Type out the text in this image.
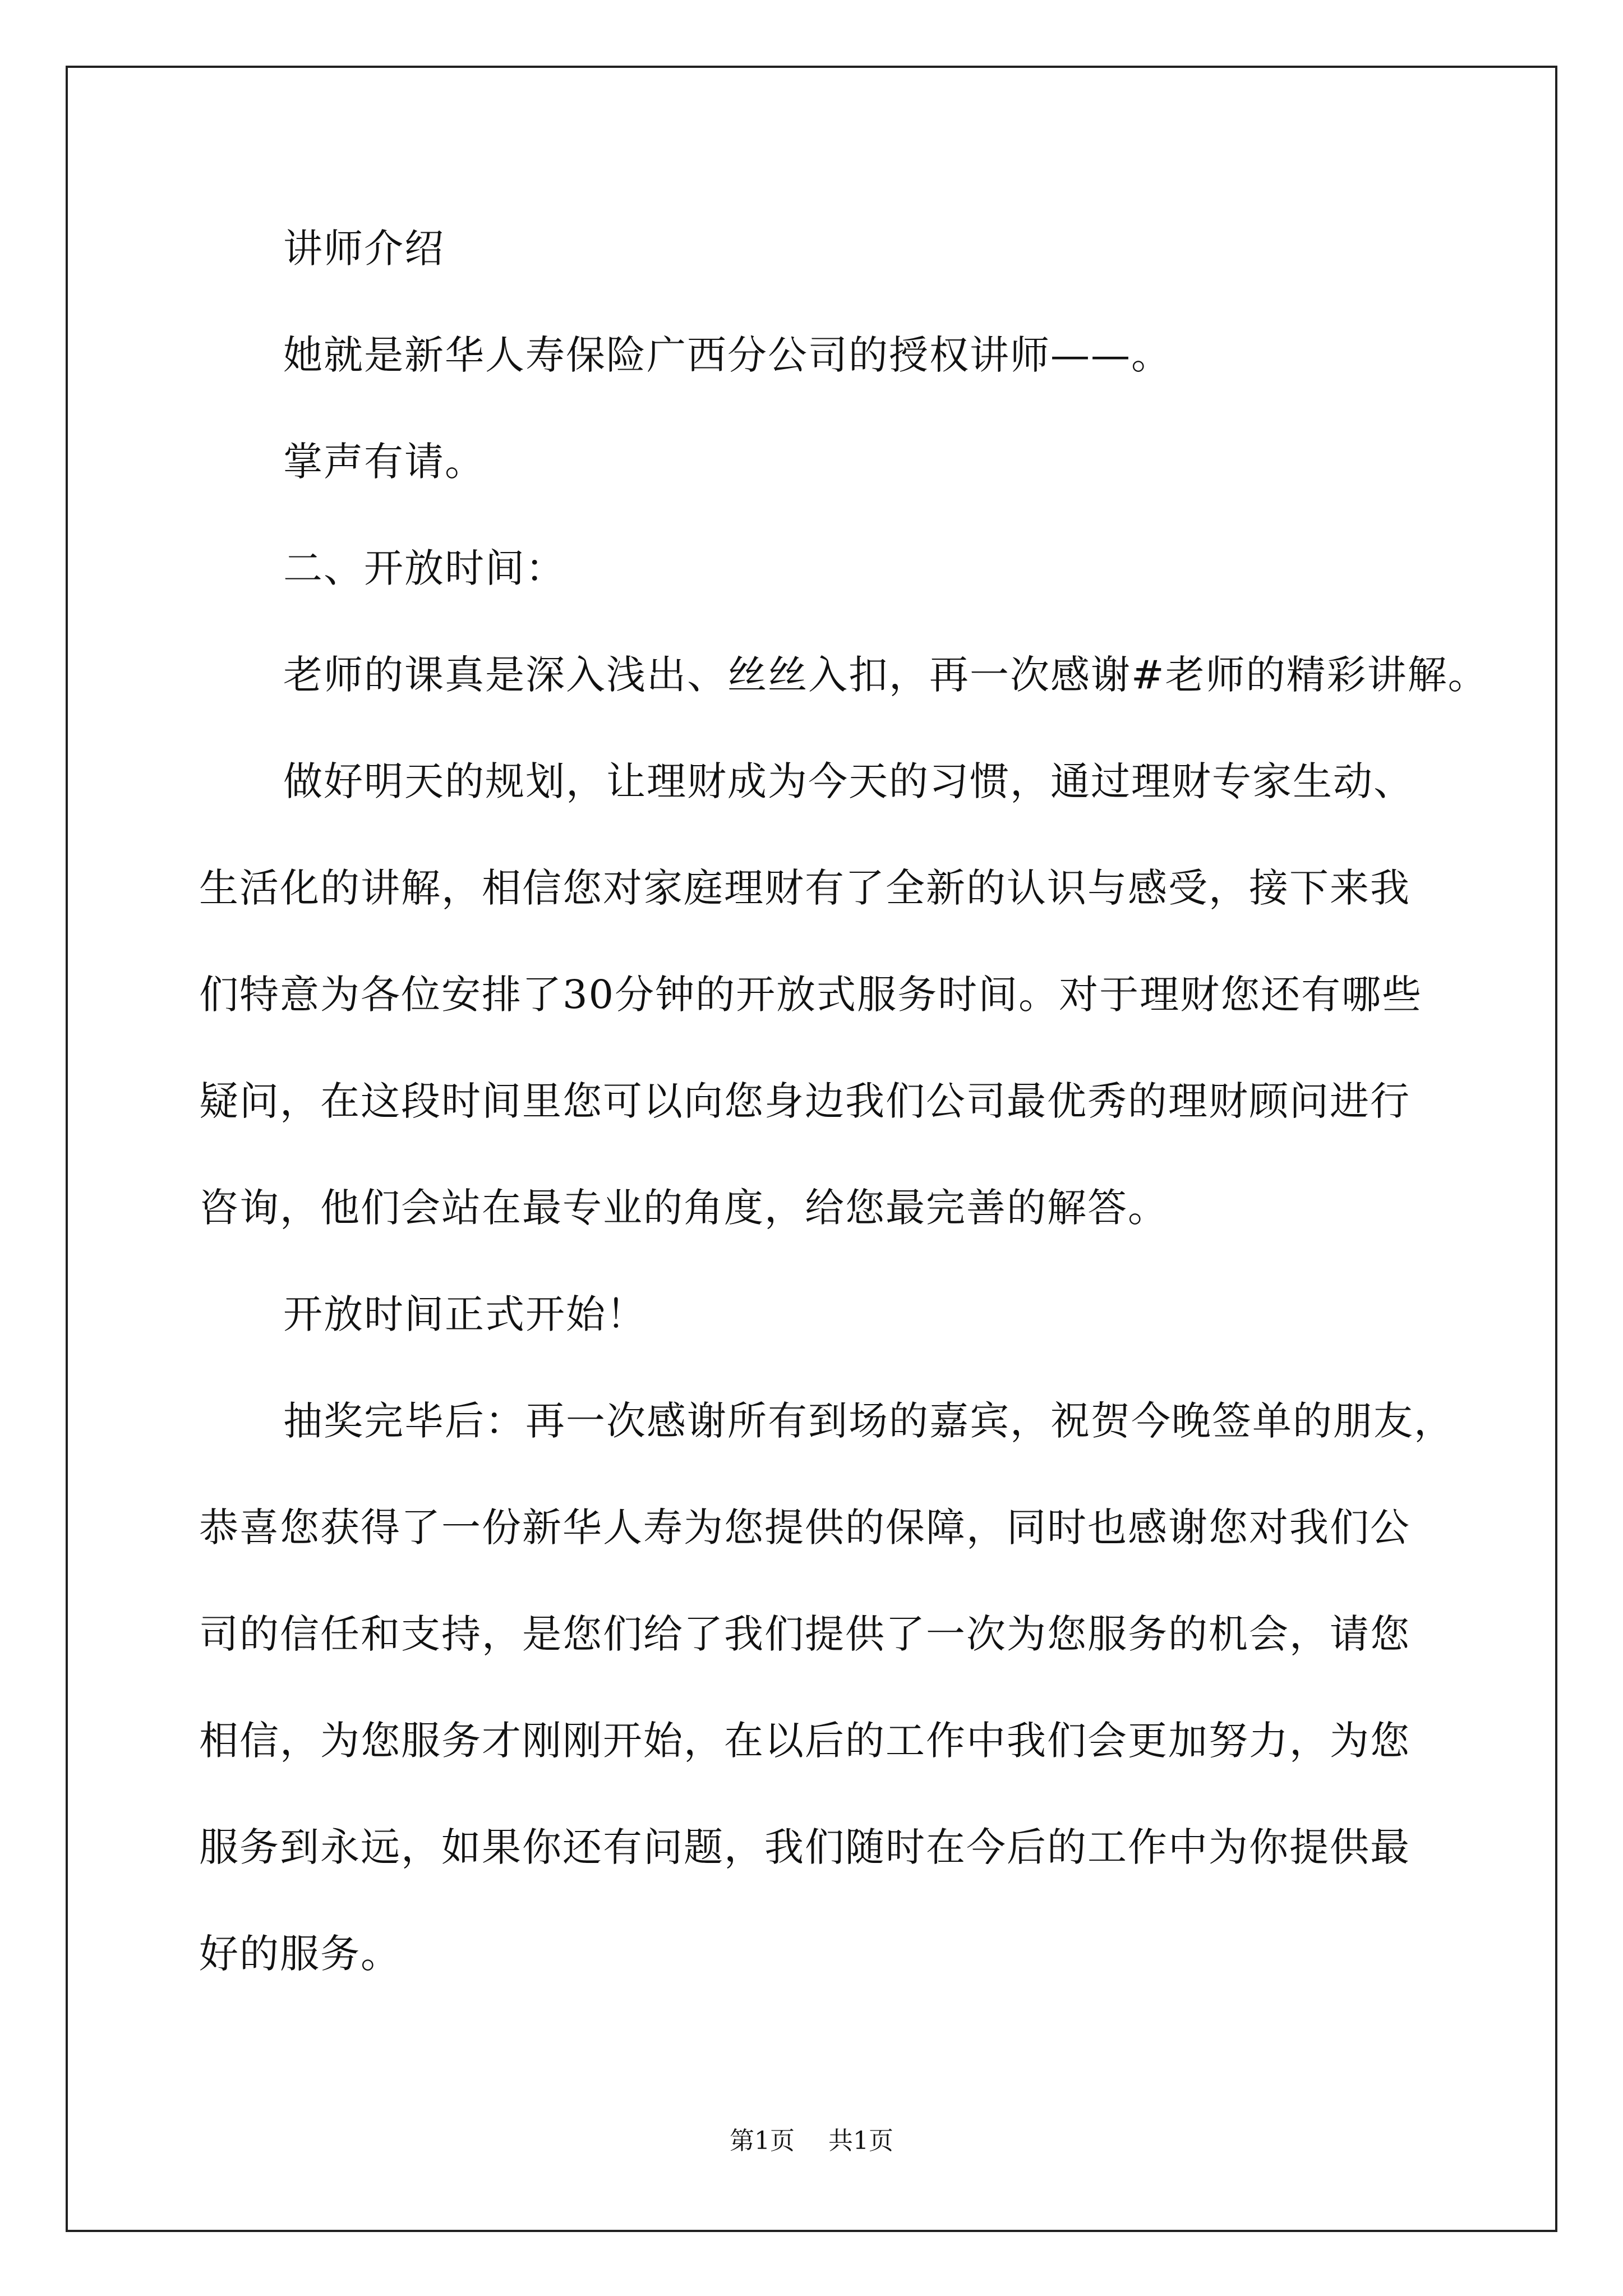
讲师介绍

她就是新华人寿保险广西分公司的授权讲师——。

掌声有请。

二、开放时间：

老师的课真是深入浅出、丝丝入扣，再一次感谢#老师的精彩讲解。

做好明天的规划，让理财成为今天的习惯，通过理财专家生动、

生活化的讲解，相信您对家庭理财有了全新的认识与感受，接下来我

们特意为各位安排了30分钟的开放式服务时间。对于理财您还有哪些

疑问，在这段时间里您可以向您身边我们公司最优秀的理财顾问进行

咨询，他们会站在最专业的角度，给您最完善的解答。

开放时间正式开始！

抽奖完毕后：再一次感谢所有到场的嘉宾，祝贺今晚签单的朋友，

恭喜您获得了一份新华人寿为您提供的保障，同时也感谢您对我们公

司的信任和支持，是您们给了我们提供了一次为您服务的机会，请您

相信，为您服务才刚刚开始，在以后的工作中我们会更加努力，为您

服务到永远，如果你还有问题，我们随时在今后的工作中为你提供最

好的服务。

第1页 共1页
